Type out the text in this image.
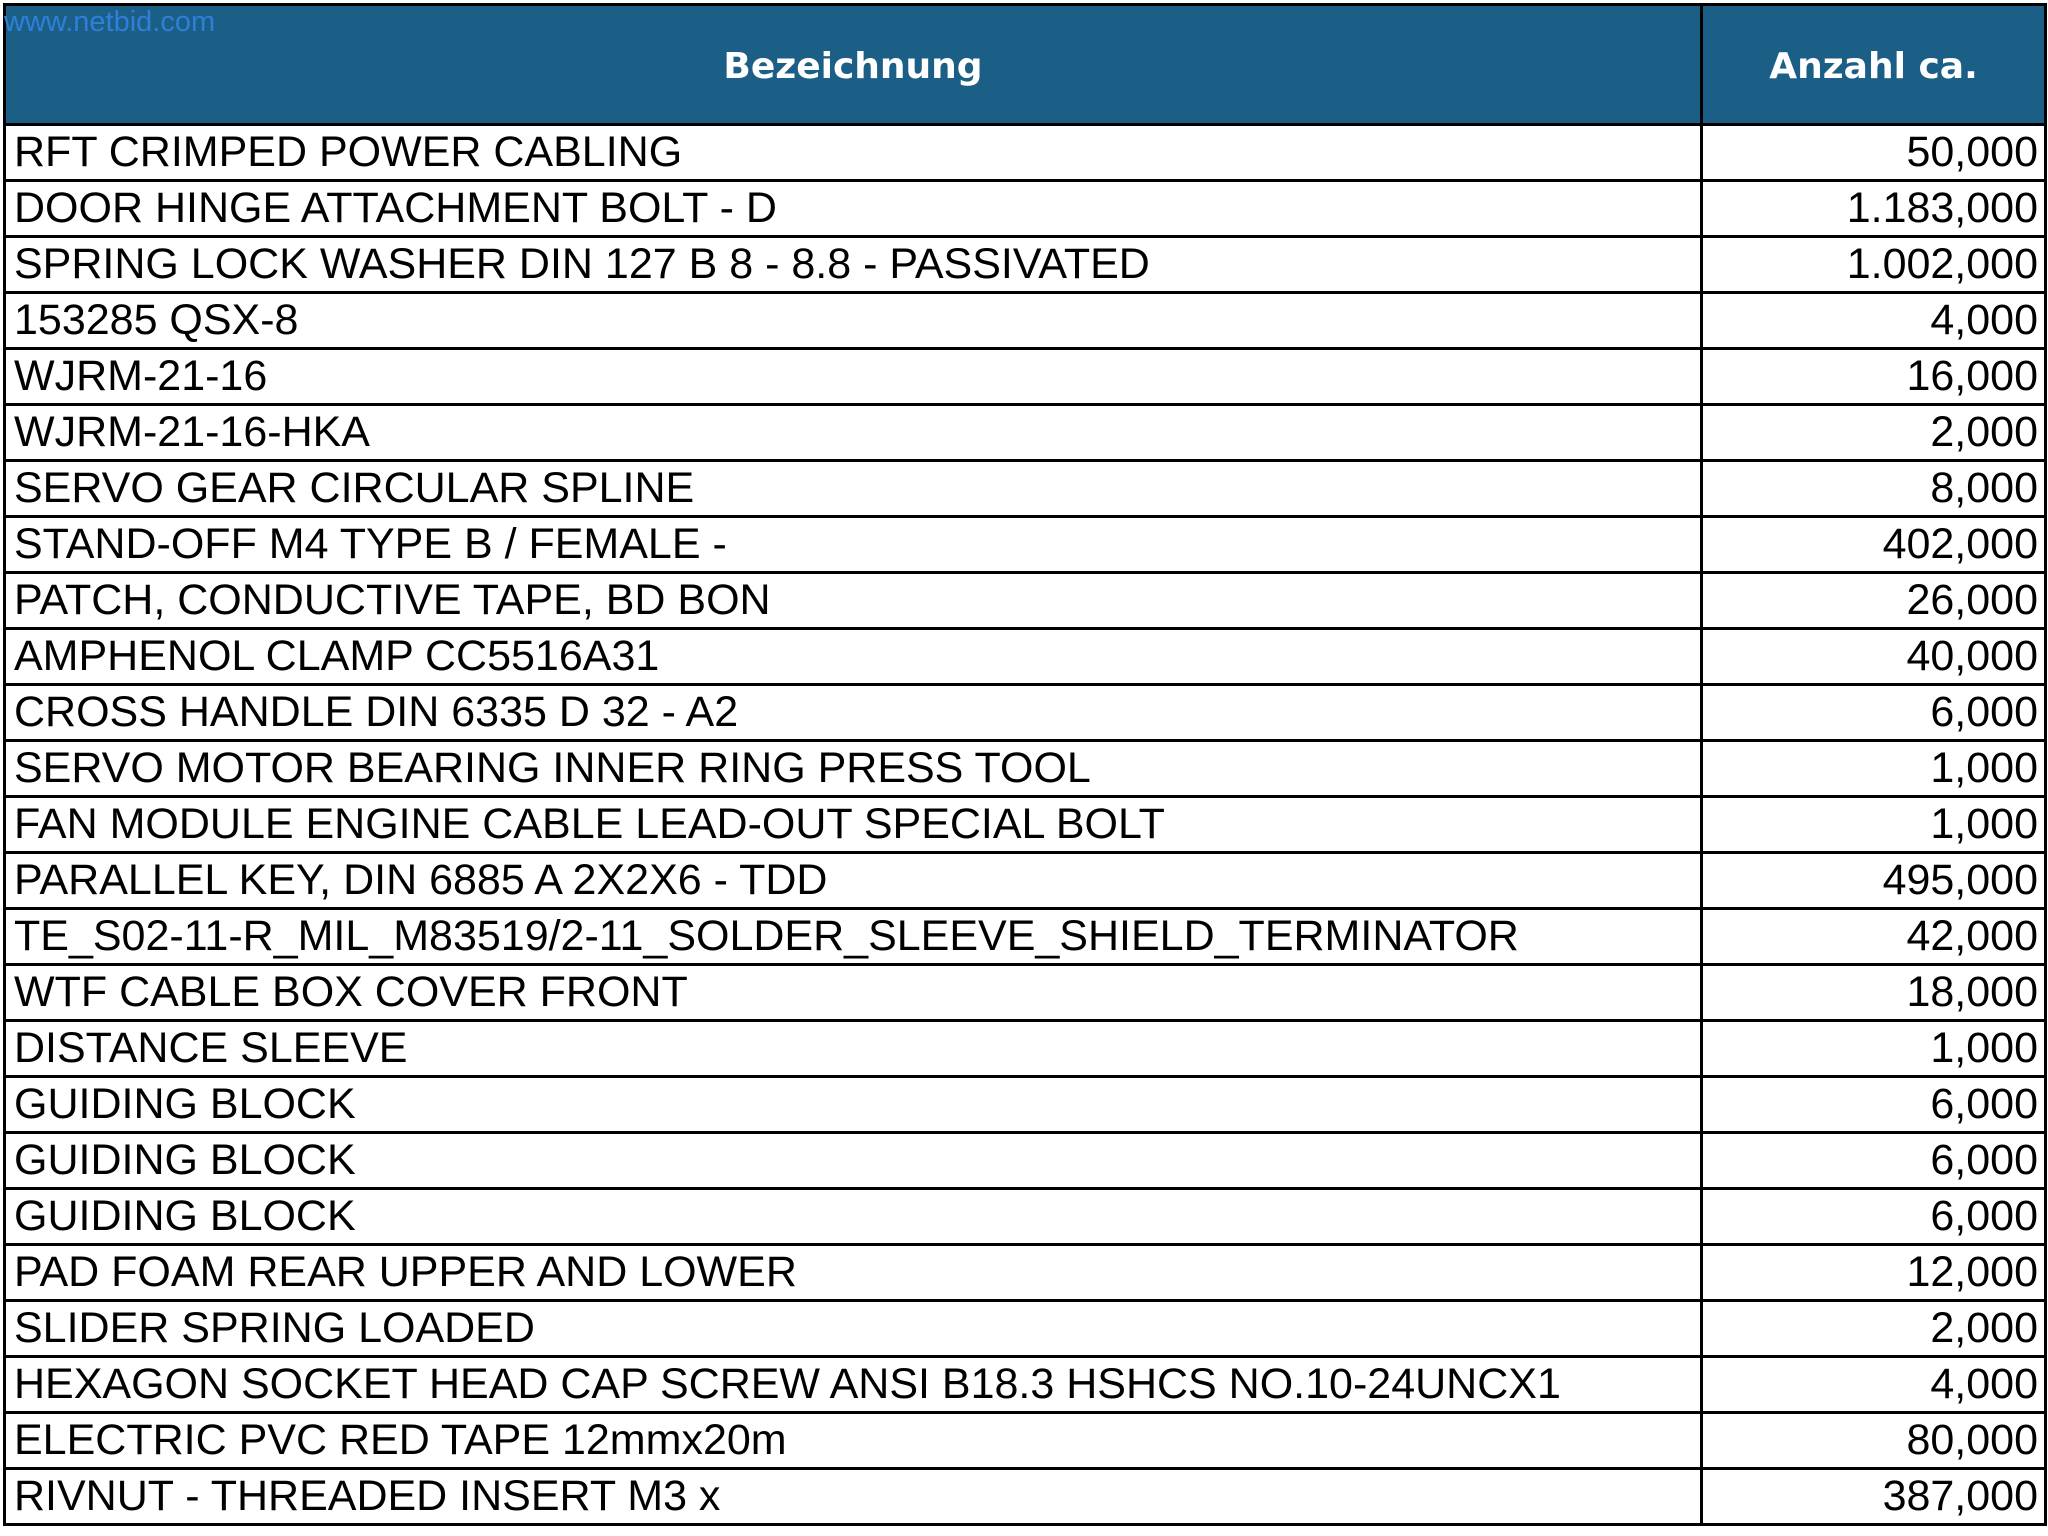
www.netbid.com
Bezeichnung	Anzahl ca.
RFT CRIMPED POWER CABLING	50,000
DOOR HINGE ATTACHMENT BOLT - D	1.183,000
SPRING LOCK WASHER DIN 127 B 8 - 8.8 - PASSIVATED	1.002,000
153285 QSX-8	4,000
WJRM-21-16	16,000
WJRM-21-16-HKA	2,000
SERVO GEAR CIRCULAR SPLINE	8,000
STAND-OFF M4 TYPE B / FEMALE -	402,000
PATCH, CONDUCTIVE TAPE, BD BON	26,000
AMPHENOL CLAMP CC5516A31	40,000
CROSS HANDLE DIN 6335 D 32 - A2	6,000
SERVO MOTOR BEARING INNER RING PRESS TOOL	1,000
FAN MODULE ENGINE CABLE LEAD-OUT SPECIAL BOLT	1,000
PARALLEL KEY, DIN 6885 A 2X2X6 - TDD	495,000
TE_S02-11-R_MIL_M83519/2-11_SOLDER_SLEEVE_SHIELD_TERMINATOR	42,000
WTF CABLE BOX COVER FRONT	18,000
DISTANCE SLEEVE	1,000
GUIDING BLOCK	6,000
GUIDING BLOCK	6,000
GUIDING BLOCK	6,000
PAD FOAM REAR UPPER AND LOWER	12,000
SLIDER SPRING LOADED	2,000
HEXAGON SOCKET HEAD CAP SCREW ANSI B18.3 HSHCS NO.10-24UNCX1	4,000
ELECTRIC PVC RED TAPE 12mmx20m	80,000
RIVNUT - THREADED INSERT M3 x	387,000
